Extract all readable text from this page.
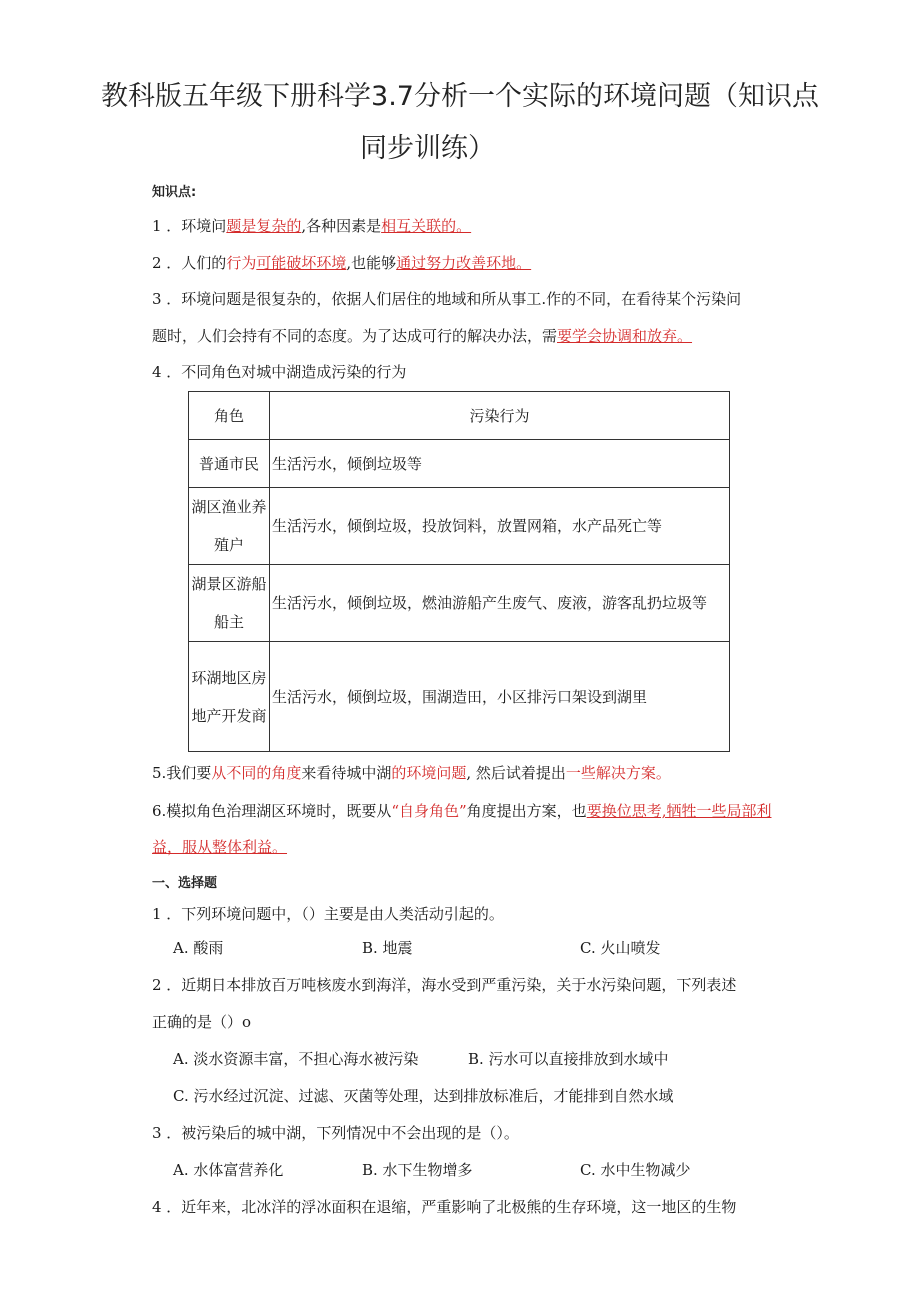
教科版五年级下册科学3.7分析一个实际的环境问题（知识点
同步训练）
知识点:
1 ．环境问题是复杂的,各种因素是相互关联的。
2 ．人们的行为可能破坏环境,也能够通过努力改善环地。
3 ．环境问题是很复杂的，依据人们居住的地域和所从事工.作的不同，在看待某个污染问
题时，人们会持有不同的态度。为了达成可行的解决办法，需要学会协调和放弃。
4 ．不同角色对城中湖造成污染的行为
角色	污染行为
普通市民	生活污水，倾倒垃圾等
湖区渔业养殖户	生活污水，倾倒垃圾，投放饲料，放置网箱，水产品死亡等
湖景区游船船主	生活污水，倾倒垃圾，燃油游船产生废气、废液，游客乱扔垃圾等
环湖地区房地产开发商	生活污水，倾倒垃圾，围湖造田，小区排污口架设到湖里
5.我们要从不同的角度来看待城中湖的环境问题, 然后试着提出一些解决方案。
6.模拟角色治理湖区环境时，既要从“自身角色”角度提出方案，也要换位思考,牺牲一些局部利
益，服从整体利益。
一、选择题
1 ．下列环境问题中，（）主要是由人类活动引起的。
A. 酸雨	B. 地震	C. 火山喷发
2 ．近期日本排放百万吨核废水到海洋，海水受到严重污染，关于水污染问题，下列表述
正确的是（）o
A. 淡水资源丰富，不担心海水被污染	B. 污水可以直接排放到水域中
C. 污水经过沉淀、过滤、灭菌等处理，达到排放标准后，才能排到自然水域
3 ．被污染后的城中湖，下列情况中不会出现的是（）。
A. 水体富营养化	B. 水下生物增多	C. 水中生物减少
4 ．近年来，北冰洋的浮冰面积在退缩，严重影响了北极熊的生存环境，这一地区的生物
